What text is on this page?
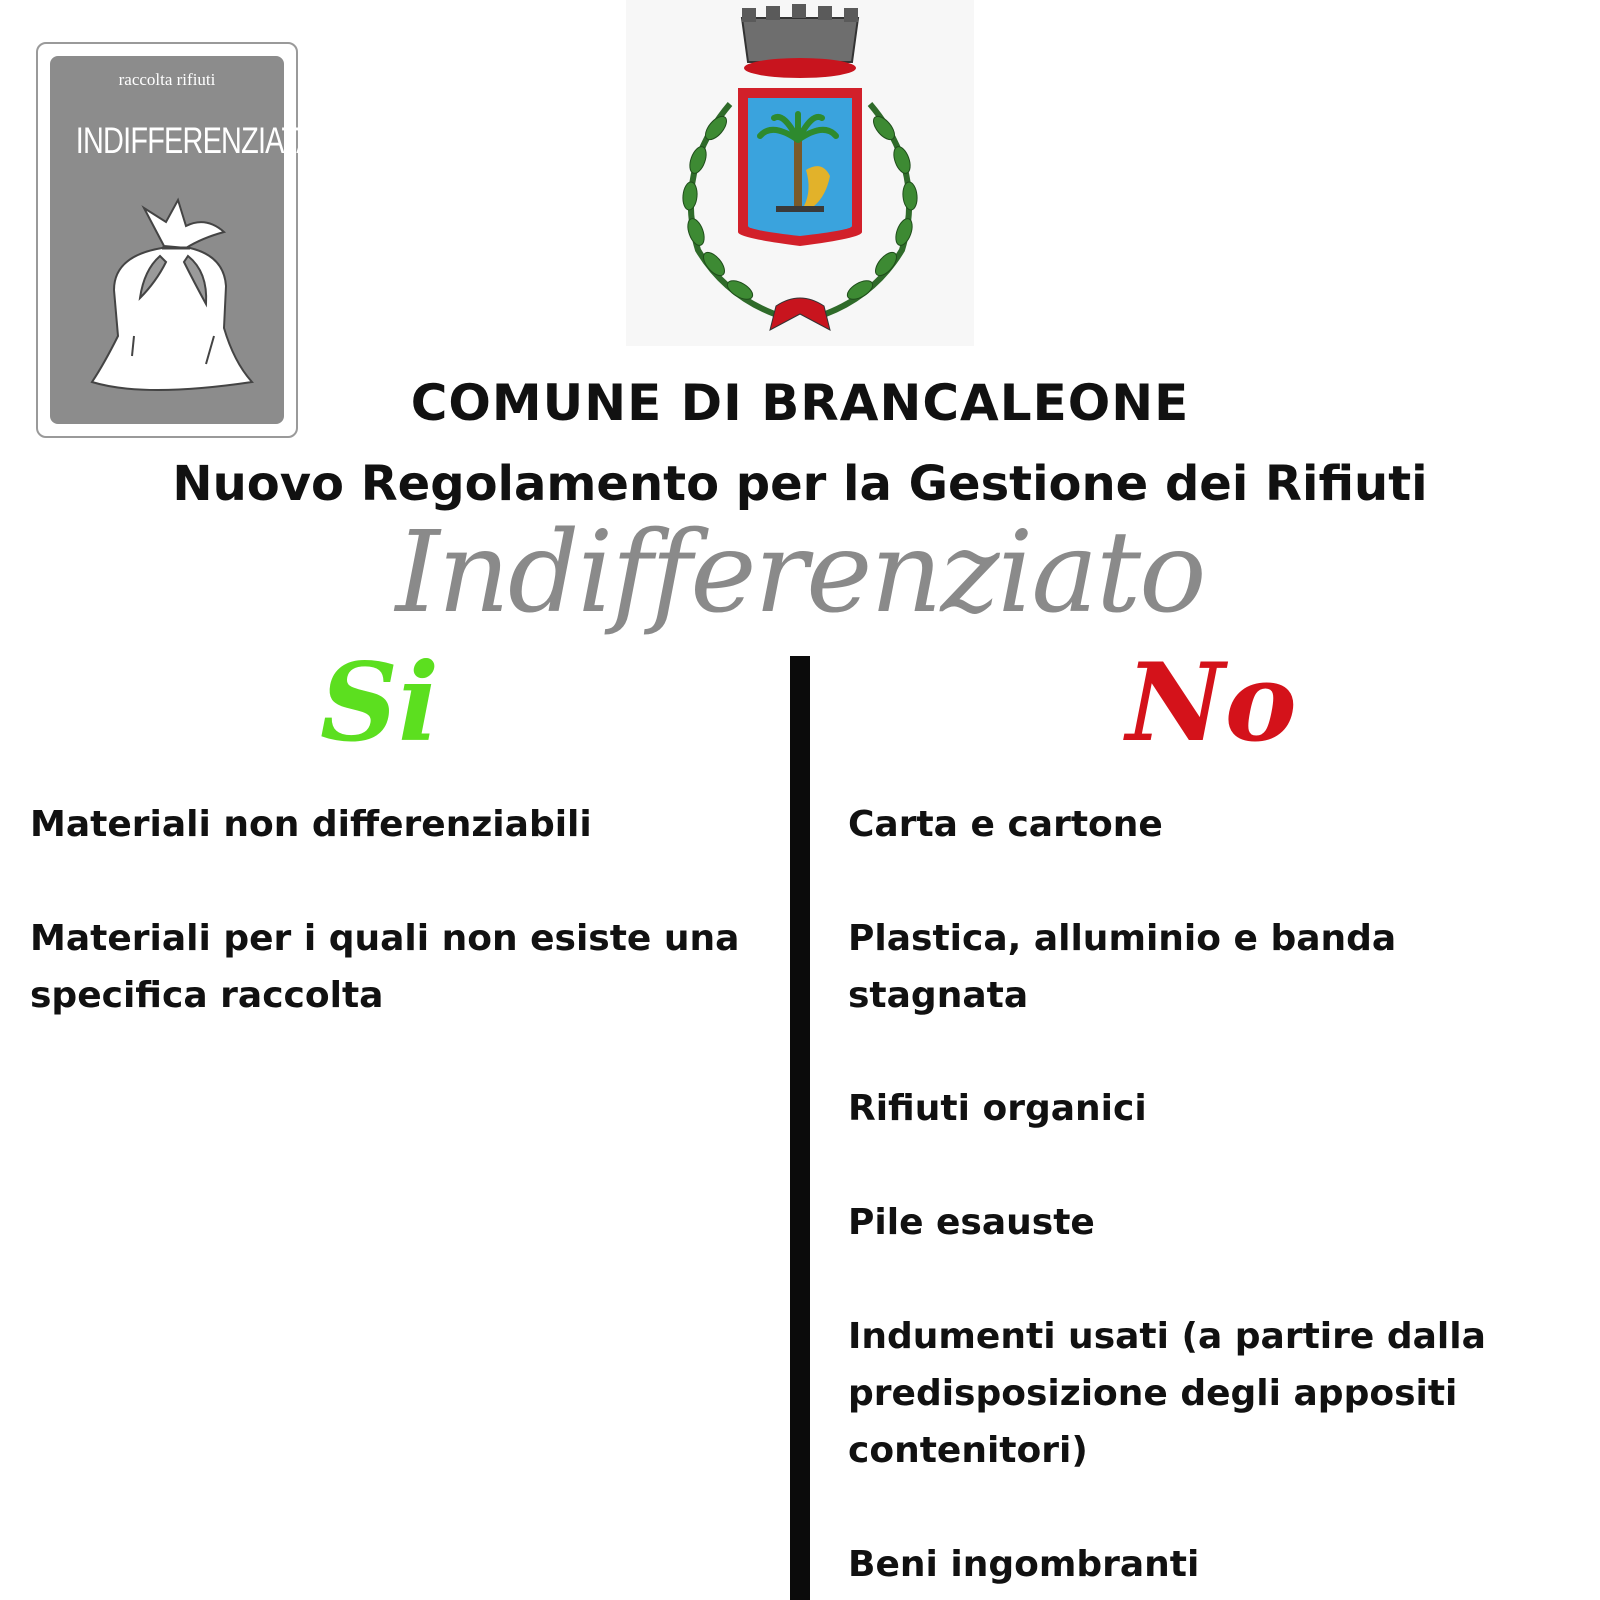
raccolta rifiuti
INDIFFERENZIATA
COMUNE DI BRANCALEONE
Nuovo Regolamento per la Gestione dei Rifiuti
Indifferenziato
Si	No

Materiali non differenziabili

Materiali per i quali non esiste una specifica raccolta

Carta e cartone

Plastica, alluminio e banda stagnata

Rifiuti organici

Pile esauste

Indumenti usati (a partire dalla predisposizione degli appositi contenitori)

Beni ingombranti
